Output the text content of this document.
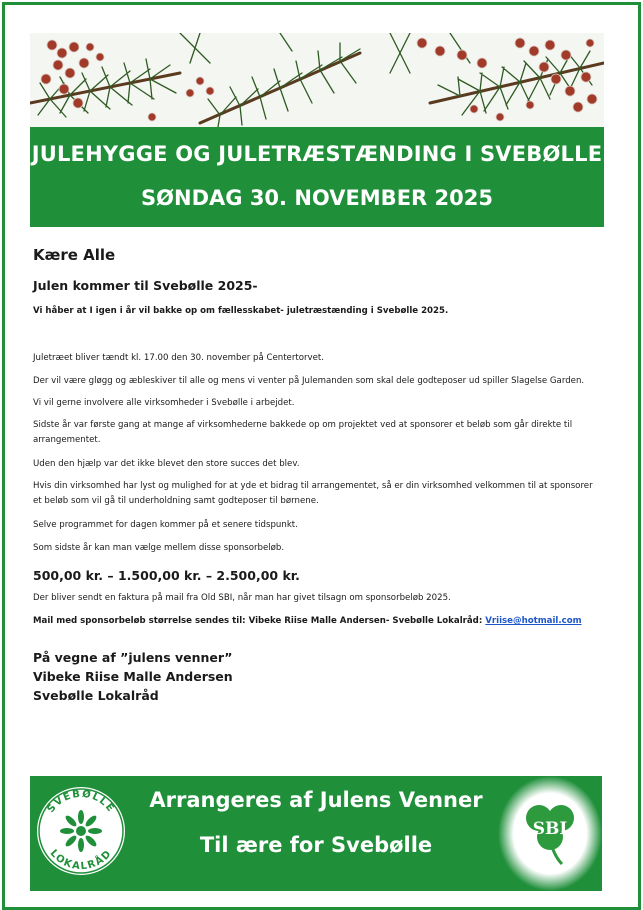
JULEHYGGE OG JULETRÆSTÆNDING I SVEBØLLE
SØNDAG 30. NOVEMBER 2025
Kære Alle
Julen kommer til Svebølle 2025-
Vi håber at I igen i år vil bakke op om fællesskabet- juletræstænding i Svebølle 2025.
Juletræet bliver tændt kl. 17.00 den 30. november på Centertorvet.
Der vil være gløgg og æbleskiver til alle og mens vi venter på Julemanden som skal dele godteposer ud spiller Slagelse Garden.
Vi vil gerne involvere alle virksomheder i Svebølle i arbejdet.
Sidste år var første gang at mange af virksomhederne bakkede op om projektet ved at sponsorer et beløb som går direkte til arrangementet.
Uden den hjælp var det ikke blevet den store succes det blev.
Hvis din virksomhed har lyst og mulighed for at yde et bidrag til arrangementet, så er din virksomhed velkommen til at sponsorer et beløb som vil gå til underholdning samt godteposer til børnene.
Selve programmet for dagen kommer på et senere tidspunkt.
Som sidste år kan man vælge mellem disse sponsorbeløb.
500,00 kr. – 1.500,00 kr. – 2.500,00 kr.
Der bliver sendt en faktura på mail fra Old SBI, når man har givet tilsagn om sponsorbeløb 2025.
Mail med sponsorbeløb størrelse sendes til: Vibeke Riise Malle Andersen- Svebølle Lokalråd: Vriise@hotmail.com
På vegne af ”julens venner”
Vibeke Riise Malle Andersen
Svebølle Lokalråd
SVEBØLLE
LOKALRÅD
Arrangeres af Julens Venner
Til ære for Svebølle
SBI
